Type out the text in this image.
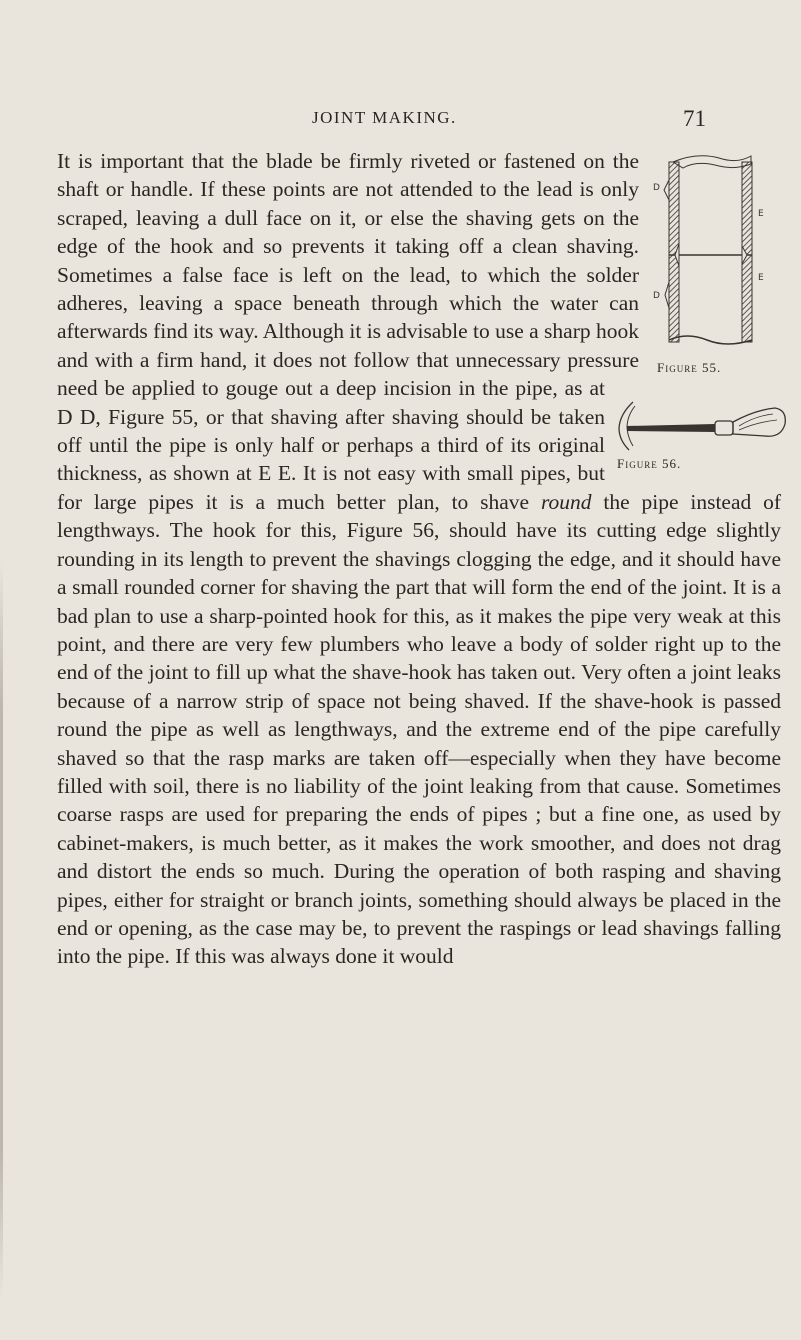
JOINT MAKING.	71
D
D
E
E
Figure 55.
Figure 56.

It is important that the blade be firmly riveted or fastened on the shaft or handle. If these points are not attended to the lead is only scraped, leaving a dull face on it, or else the shaving gets on the edge of the hook and so prevents it taking off a clean shaving. Sometimes a false face is left on the lead, to which the solder adheres, leaving a space beneath through which the water can afterwards find its way. Although it is advisable to use a sharp hook and with a firm hand, it does not follow that unnecessary pressure need be applied to gouge out a deep incision in the pipe, as at D D, Figure 55, or that shaving after shaving should be taken off until the pipe is only half or perhaps a third of its original thickness, as shown at E E. It is not easy with small pipes, but for large pipes it is a much better plan, to shave round the pipe instead of lengthways. The hook for this, Figure 56, should have its cutting edge slightly rounding in its length to prevent the shavings clogging the edge, and it should have a small rounded corner for shaving the part that will form the end of the joint. It is a bad plan to use a sharp-pointed hook for this, as it makes the pipe very weak at this point, and there are very few plumbers who leave a body of solder right up to the end of the joint to fill up what the shave-hook has taken out. Very often a joint leaks because of a narrow strip of space not being shaved. If the shave-hook is passed round the pipe as well as lengthways, and the extreme end of the pipe carefully shaved so that the rasp marks are taken off—especially when they have become filled with soil, there is no liability of the joint leaking from that cause. Sometimes coarse rasps are used for preparing the ends of pipes ; but a fine one, as used by cabinet-makers, is much better, as it makes the work smoother, and does not drag and distort the ends so much. During the operation of both rasping and shaving pipes, either for straight or branch joints, something should always be placed in the end or opening, as the case may be, to prevent the raspings or lead shavings falling into the pipe. If this was always done it would
